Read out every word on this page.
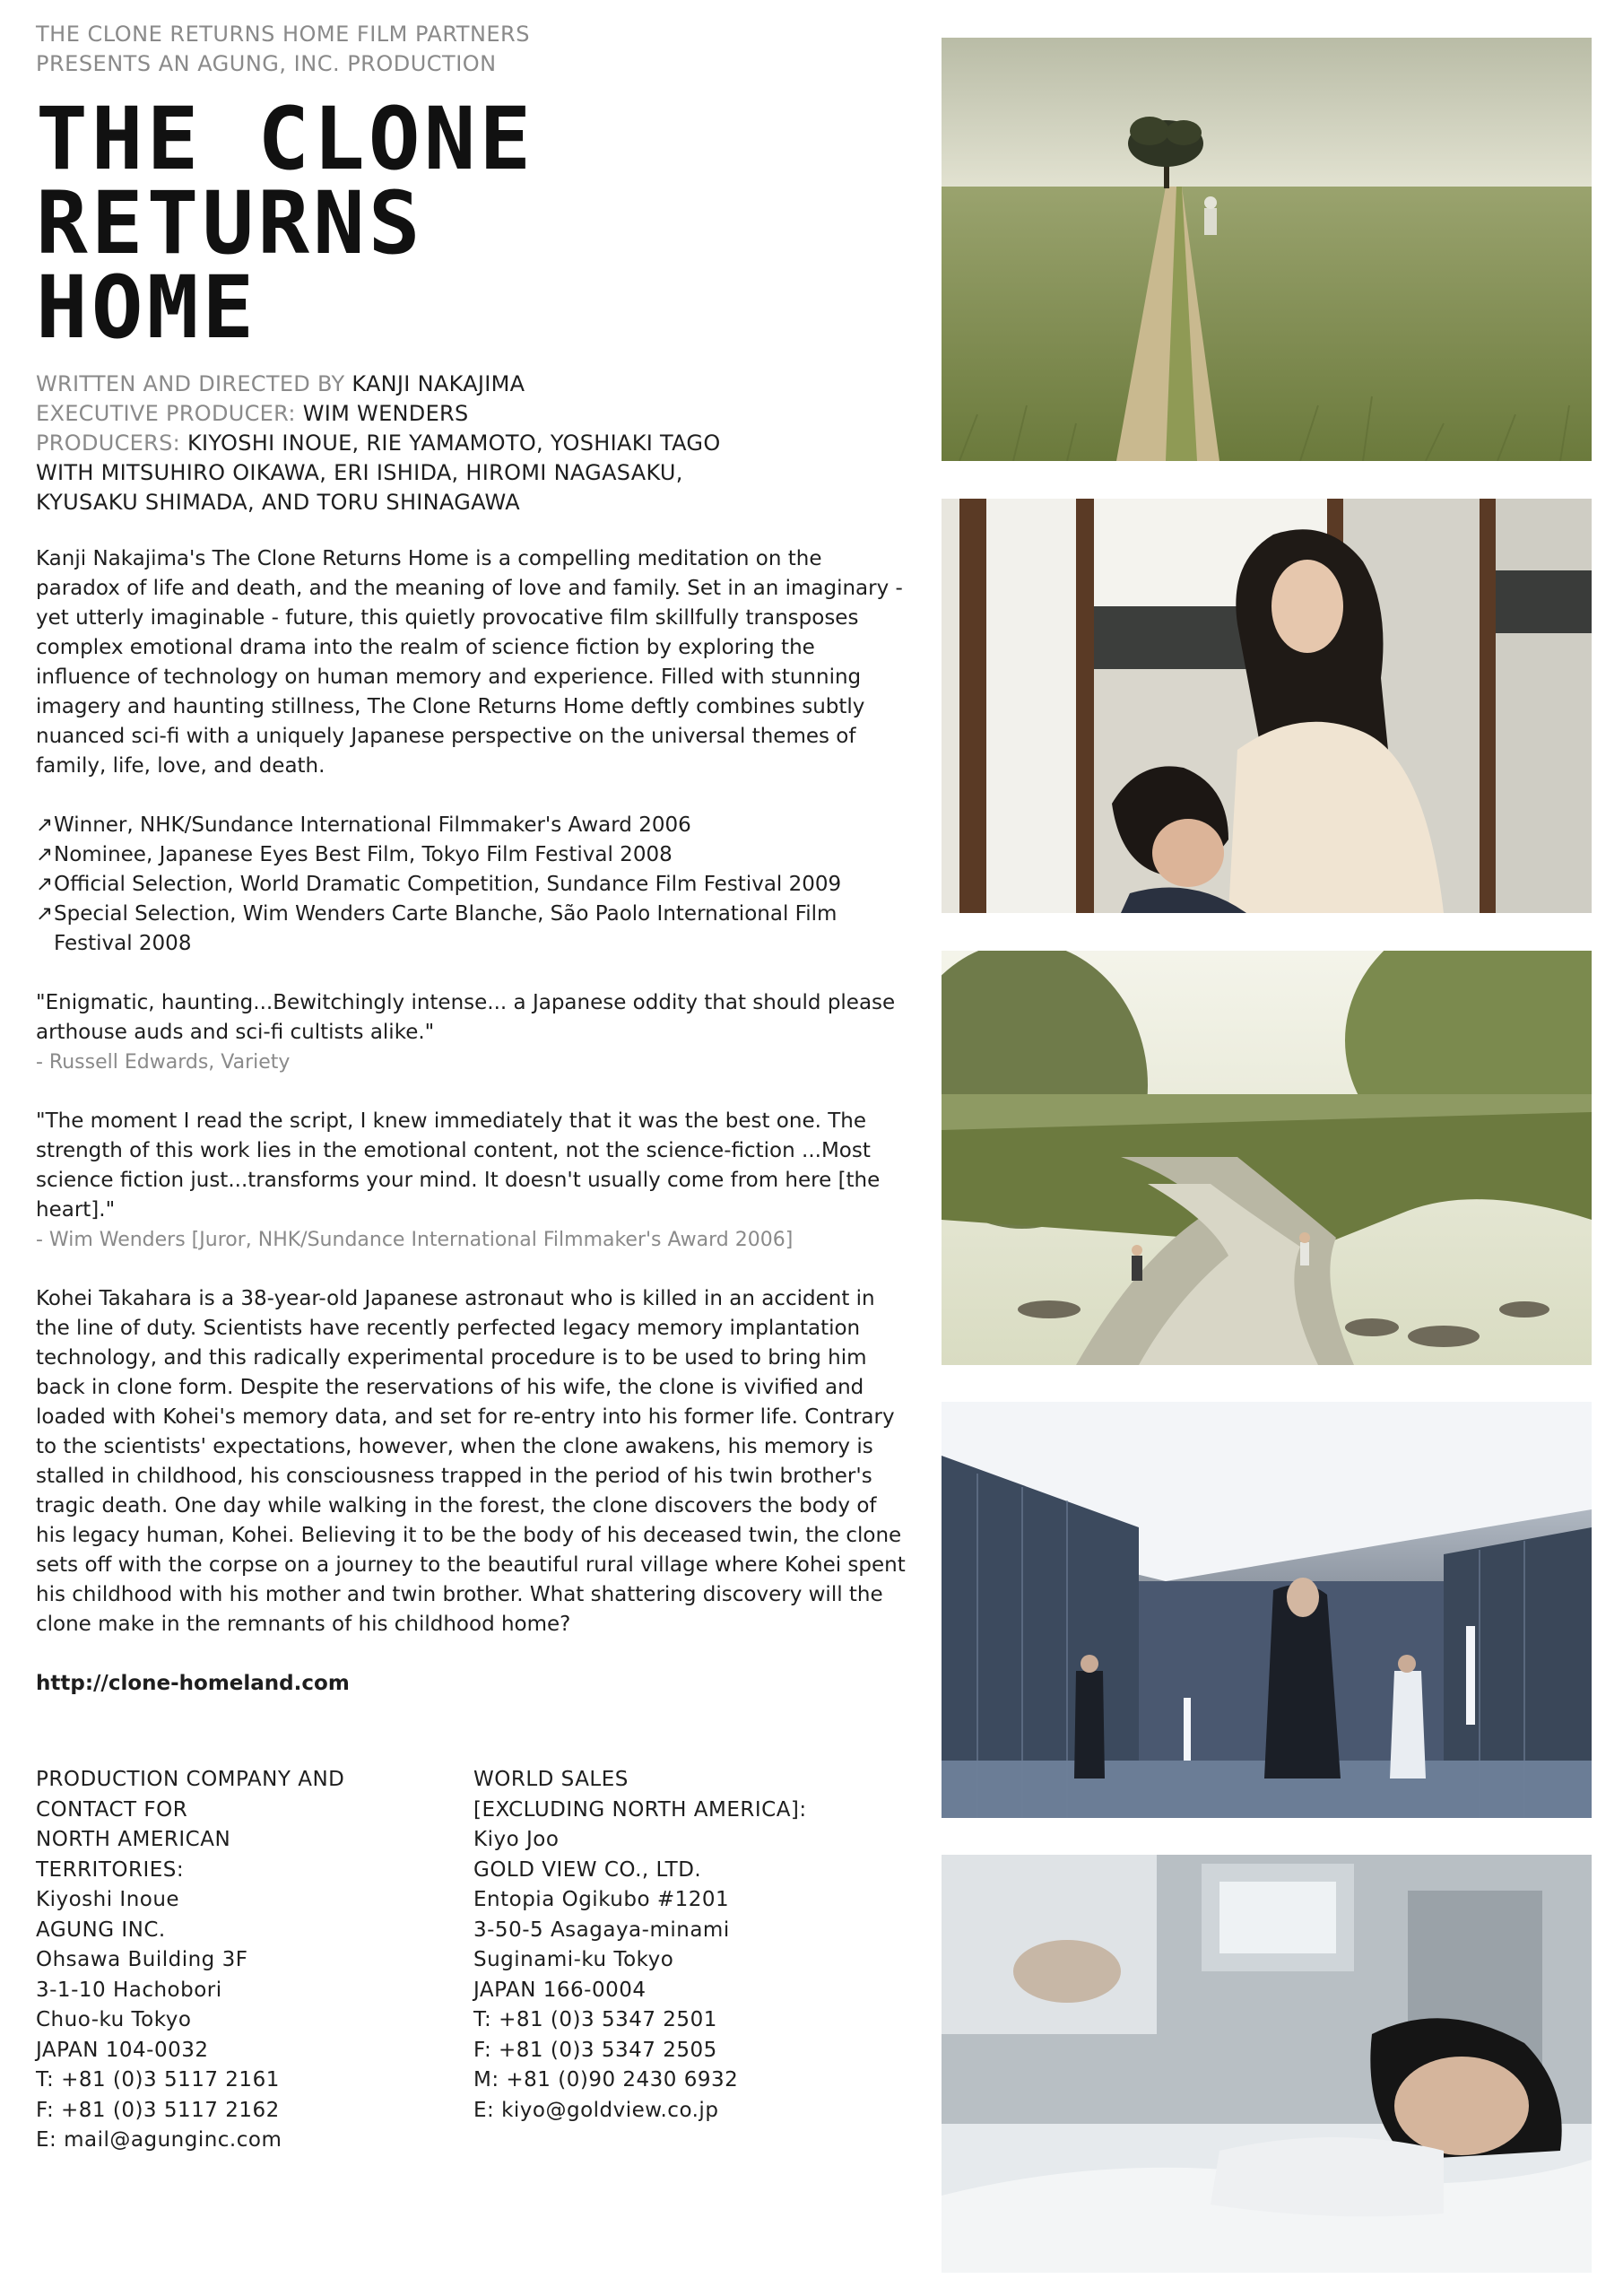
THE CLONE RETURNS HOME FILM PARTNERS
PRESENTS AN AGUNG, INC. PRODUCTION
THE CLONE
RETURNS
HOME
WRITTEN AND DIRECTED BY KANJI NAKAJIMA
EXECUTIVE PRODUCER: WIM WENDERS
PRODUCERS: KIYOSHI INOUE, RIE YAMAMOTO, YOSHIAKI TAGO
WITH MITSUHIRO OIKAWA, ERI ISHIDA, HIROMI NAGASAKU,
KYUSAKU SHIMADA, AND TORU SHINAGAWA

Kanji Nakajima's The Clone Returns Home is a compelling meditation on the paradox of life and death, and the meaning of love and family. Set in an imaginary - yet utterly imaginable - future, this quietly provocative film skillfully transposes complex emotional drama into the realm of science fiction by exploring the influence of technology on human memory and experience. Filled with stunning imagery and haunting stillness, The Clone Returns Home deftly combines subtly nuanced sci-fi with a uniquely Japanese perspective on the universal themes of family, life, love, and death.

↗ Winner, NHK/Sundance International Filmmaker's Award 2006
↗ Nominee, Japanese Eyes Best Film, Tokyo Film Festival 2008
↗ Official Selection, World Dramatic Competition, Sundance Film Festival 2009
↗ Special Selection, Wim Wenders Carte Blanche, São Paolo International Film Festival 2008
"Enigmatic, haunting...Bewitchingly intense... a Japanese oddity that should please arthouse auds and sci-fi cultists alike."
- Russell Edwards, Variety
"The moment I read the script, I knew immediately that it was the best one. The strength of this work lies in the emotional content, not the science-fiction ...Most science fiction just...transforms your mind. It doesn't usually come from here [the heart]."
- Wim Wenders [Juror, NHK/Sundance International Filmmaker's Award 2006]

Kohei Takahara is a 38-year-old Japanese astronaut who is killed in an accident in the line of duty. Scientists have recently perfected legacy memory implantation technology, and this radically experimental procedure is to be used to bring him back in clone form. Despite the reservations of his wife, the clone is vivified and loaded with Kohei's memory data, and set for re-entry into his former life. Contrary to the scientists' expectations, however, when the clone awakens, his memory is stalled in childhood, his consciousness trapped in the period of his twin brother's tragic death. One day while walking in the forest, the clone discovers the body of his legacy human, Kohei. Believing it to be the body of his deceased twin, the clone sets off with the corpse on a journey to the beautiful rural village where Kohei spent his childhood with his mother and twin brother. What shattering discovery will the clone make in the remnants of his childhood home?

http://clone-homeland.com
PRODUCTION COMPANY AND
CONTACT FOR
NORTH AMERICAN
TERRITORIES:
Kiyoshi Inoue
AGUNG INC.
Ohsawa Building 3F
3-1-10 Hachobori
Chuo-ku Tokyo
JAPAN 104-0032
T: +81 (0)3 5117 2161
F: +81 (0)3 5117 2162
E: mail@agunginc.com
WORLD SALES
[EXCLUDING NORTH AMERICA]:
Kiyo Joo
GOLD VIEW CO., LTD.
Entopia Ogikubo #1201
3-50-5 Asagaya-minami
Suginami-ku Tokyo
JAPAN 166-0004
T: +81 (0)3 5347 2501
F: +81 (0)3 5347 2505
M: +81 (0)90 2430 6932
E: kiyo@goldview.co.jp
